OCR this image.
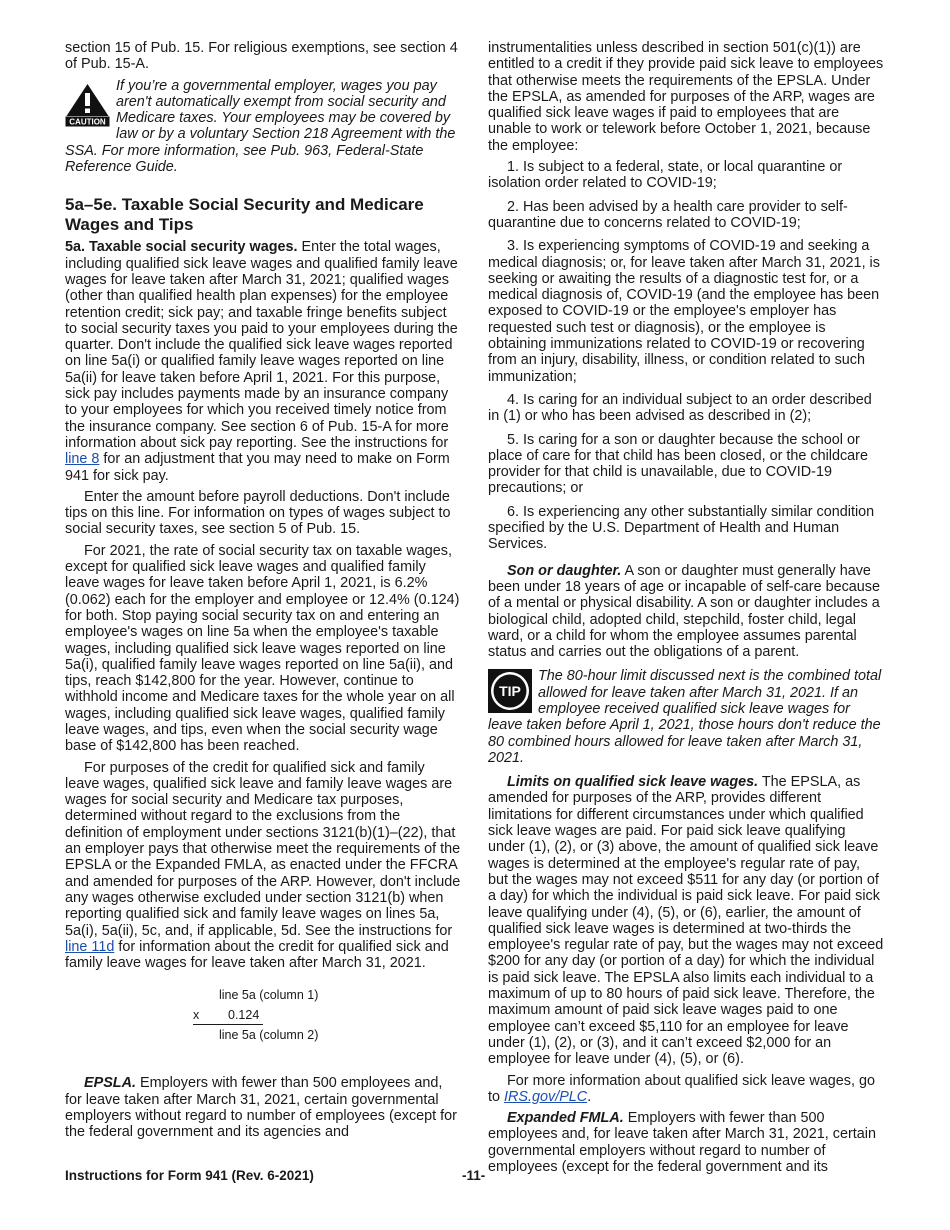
section 15 of Pub. 15. For religious exemptions, see section 4 of Pub. 15-A.

CAUTION
If you’re a governmental employer, wages you pay aren't automatically exempt from social security and Medicare taxes. Your employees may be covered by law or by a voluntary Section 218 Agreement with the SSA. For more information, see Pub. 963, Federal-State Reference Guide.
5a–5e. Taxable Social Security and Medicare Wages and Tips

5a. Taxable social security wages. Enter the total wages, including qualified sick leave wages and qualified family leave wages for leave taken after March 31, 2021; qualified wages (other than qualified health plan expenses) for the employee retention credit; sick pay; and taxable fringe benefits subject to social security taxes you paid to your employees during the quarter. Don't include the qualified sick leave wages reported on line 5a(i) or qualified family leave wages reported on line 5a(ii) for leave taken before April 1, 2021. For this purpose, sick pay includes payments made by an insurance company to your employees for which you received timely notice from the insurance company. See section 6 of Pub. 15-A for more information about sick pay reporting. See the instructions for line 8 for an adjustment that you may need to make on Form 941 for sick pay.

Enter the amount before payroll deductions. Don't include tips on this line. For information on types of wages subject to social security taxes, see section 5 of Pub. 15.

For 2021, the rate of social security tax on taxable wages, except for qualified sick leave wages and qualified family leave wages for leave taken before April 1, 2021, is 6.2% (0.062) each for the employer and employee or 12.4% (0.124) for both. Stop paying social security tax on and entering an employee's wages on line 5a when the employee's taxable wages, including qualified sick leave wages reported on line 5a(i), qualified family leave wages reported on line 5a(ii), and tips, reach $142,800 for the year. However, continue to withhold income and Medicare taxes for the whole year on all wages, including qualified sick leave wages, qualified family leave wages, and tips, even when the social security wage base of $142,800 has been reached.

For purposes of the credit for qualified sick and family leave wages, qualified sick leave and family leave wages are wages for social security and Medicare tax purposes, determined without regard to the exclusions from the definition of employment under sections 3121(b)(1)–(22), that an employer pays that otherwise meet the requirements of the EPSLA or the Expanded FMLA, as enacted under the FFCRA and amended for purposes of the ARP. However, don't include any wages otherwise excluded under section 3121(b) when reporting qualified sick and family leave wages on lines 5a, 5a(i), 5a(ii), 5c, and, if applicable, 5d. See the instructions for line 11d for information about the credit for qualified sick and family leave wages for leave taken after March 31, 2021.

line 5a (column 1)
x 0.124
line 5a (column 2)

EPSLA. Employers with fewer than 500 employees and, for leave taken after March 31, 2021, certain governmental employers without regard to number of employees (except for the federal government and its agencies and

instrumentalities unless described in section 501(c)(1)) are entitled to a credit if they provide paid sick leave to employees that otherwise meets the requirements of the EPSLA. Under the EPSLA, as amended for purposes of the ARP, wages are qualified sick leave wages if paid to employees that are unable to work or telework before October 1, 2021, because the employee:

1. Is subject to a federal, state, or local quarantine or isolation order related to COVID-19;

2. Has been advised by a health care provider to self-quarantine due to concerns related to COVID-19;

3. Is experiencing symptoms of COVID-19 and seeking a medical diagnosis; or, for leave taken after March 31, 2021, is seeking or awaiting the results of a diagnostic test for, or a medical diagnosis of, COVID-19 (and the employee has been exposed to COVID-19 or the employee's employer has requested such test or diagnosis), or the employee is obtaining immunizations related to COVID-19 or recovering from an injury, disability, illness, or condition related to such immunization;

4. Is caring for an individual subject to an order described in (1) or who has been advised as described in (2);

5. Is caring for a son or daughter because the school or place of care for that child has been closed, or the childcare provider for that child is unavailable, due to COVID-19 precautions; or

6. Is experiencing any other substantially similar condition specified by the U.S. Department of Health and Human Services.

Son or daughter. A son or daughter must generally have been under 18 years of age or incapable of self-care because of a mental or physical disability. A son or daughter includes a biological child, adopted child, stepchild, foster child, legal ward, or a child for whom the employee assumes parental status and carries out the obligations of a parent.

TIP
The 80-hour limit discussed next is the combined total allowed for leave taken after March 31, 2021. If an employee received qualified sick leave wages for leave taken before April 1, 2021, those hours don't reduce the 80 combined hours allowed for leave taken after March 31, 2021.

Limits on qualified sick leave wages. The EPSLA, as amended for purposes of the ARP, provides different limitations for different circumstances under which qualified sick leave wages are paid. For paid sick leave qualifying under (1), (2), or (3) above, the amount of qualified sick leave wages is determined at the employee's regular rate of pay, but the wages may not exceed $511 for any day (or portion of a day) for which the individual is paid sick leave. For paid sick leave qualifying under (4), (5), or (6), earlier, the amount of qualified sick leave wages is determined at two-thirds the employee's regular rate of pay, but the wages may not exceed $200 for any day (or portion of a day) for which the individual is paid sick leave. The EPSLA also limits each individual to a maximum of up to 80 hours of paid sick leave. Therefore, the maximum amount of paid sick leave wages paid to one employee can’t exceed $5,110 for an employee for leave under (1), (2), or (3), and it can’t exceed $2,000 for an employee for leave under (4), (5), or (6).

For more information about qualified sick leave wages, go to IRS.gov/PLC.

Expanded FMLA. Employers with fewer than 500 employees and, for leave taken after March 31, 2021, certain governmental employers without regard to number of employees (except for the federal government and its

Instructions for Form 941 (Rev. 6-2021)	-11-
